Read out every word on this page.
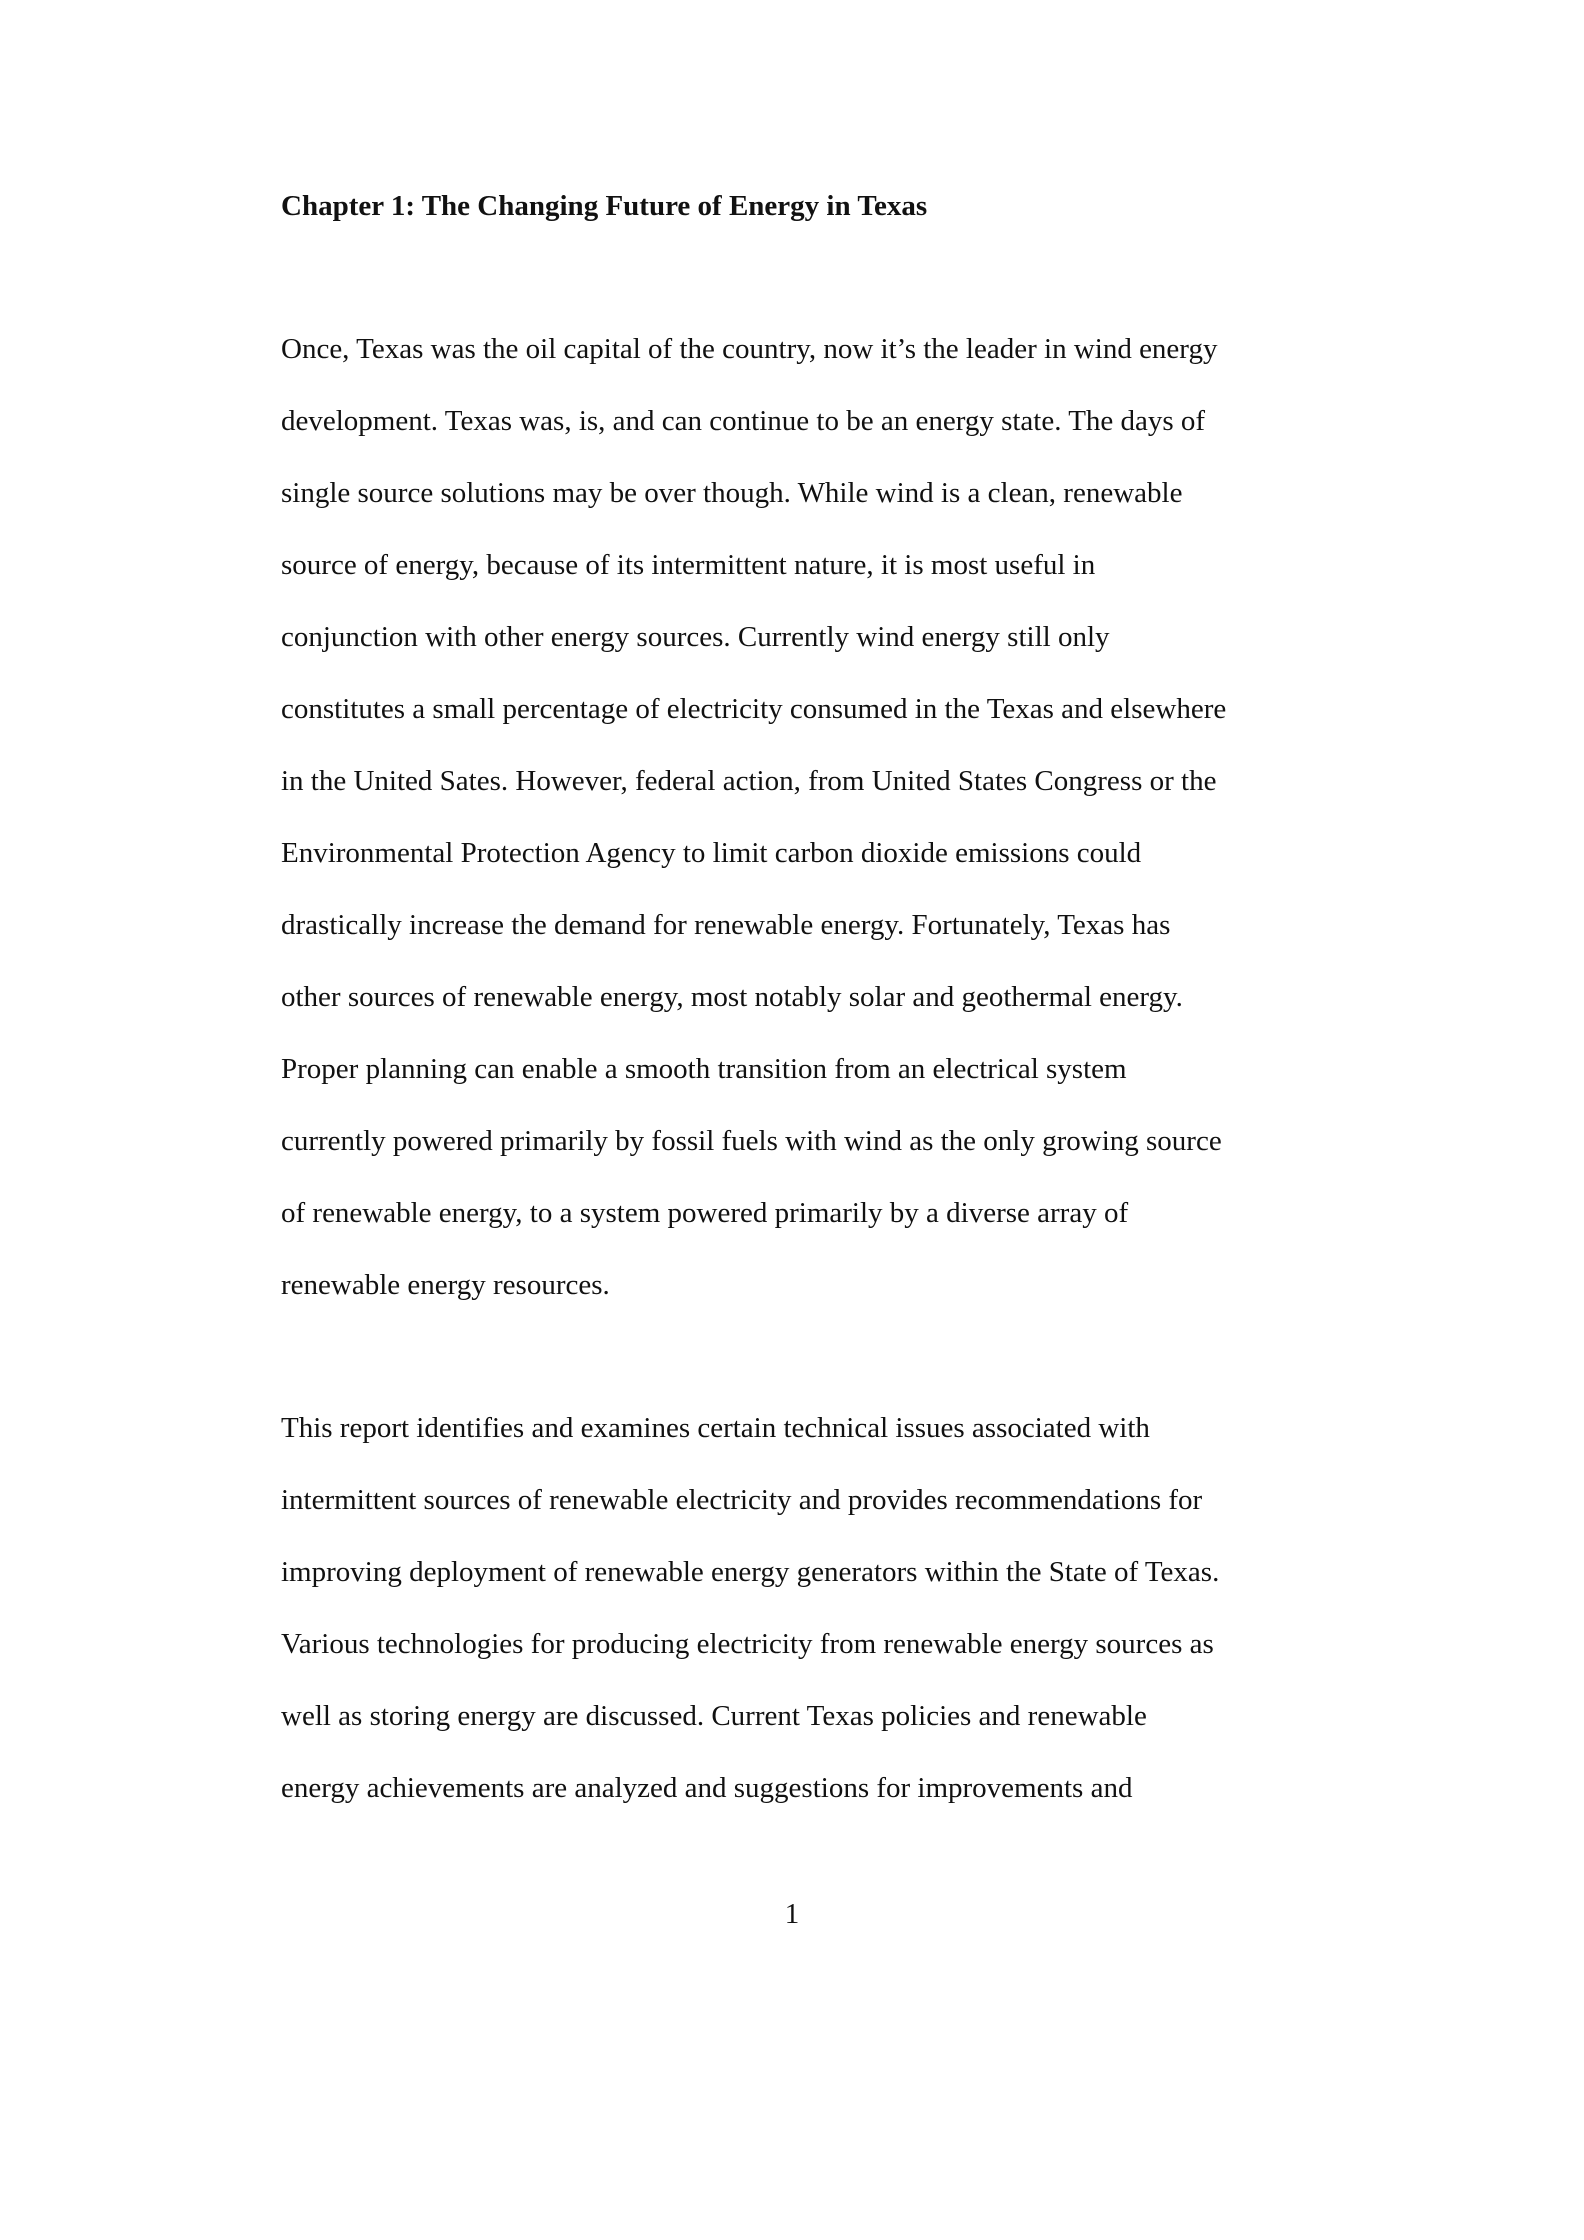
Chapter 1: The Changing Future of Energy in Texas

Once, Texas was the oil capital of the country, now it’s the leader in wind energy

development. Texas was, is, and can continue to be an energy state. The days of

single source solutions may be over though. While wind is a clean, renewable

source of energy, because of its intermittent nature, it is most useful in

conjunction with other energy sources. Currently wind energy still only

constitutes a small percentage of electricity consumed in the Texas and elsewhere

in the United Sates. However, federal action, from United States Congress or the

Environmental Protection Agency to limit carbon dioxide emissions could

drastically increase the demand for renewable energy. Fortunately, Texas has

other sources of renewable energy, most notably solar and geothermal energy.

Proper planning can enable a smooth transition from an electrical system

currently powered primarily by fossil fuels with wind as the only growing source

of renewable energy, to a system powered primarily by a diverse array of

renewable energy resources.

This report identifies and examines certain technical issues associated with

intermittent sources of renewable electricity and provides recommendations for

improving deployment of renewable energy generators within the State of Texas.

Various technologies for producing electricity from renewable energy sources as

well as storing energy are discussed. Current Texas policies and renewable

energy achievements are analyzed and suggestions for improvements and

1
